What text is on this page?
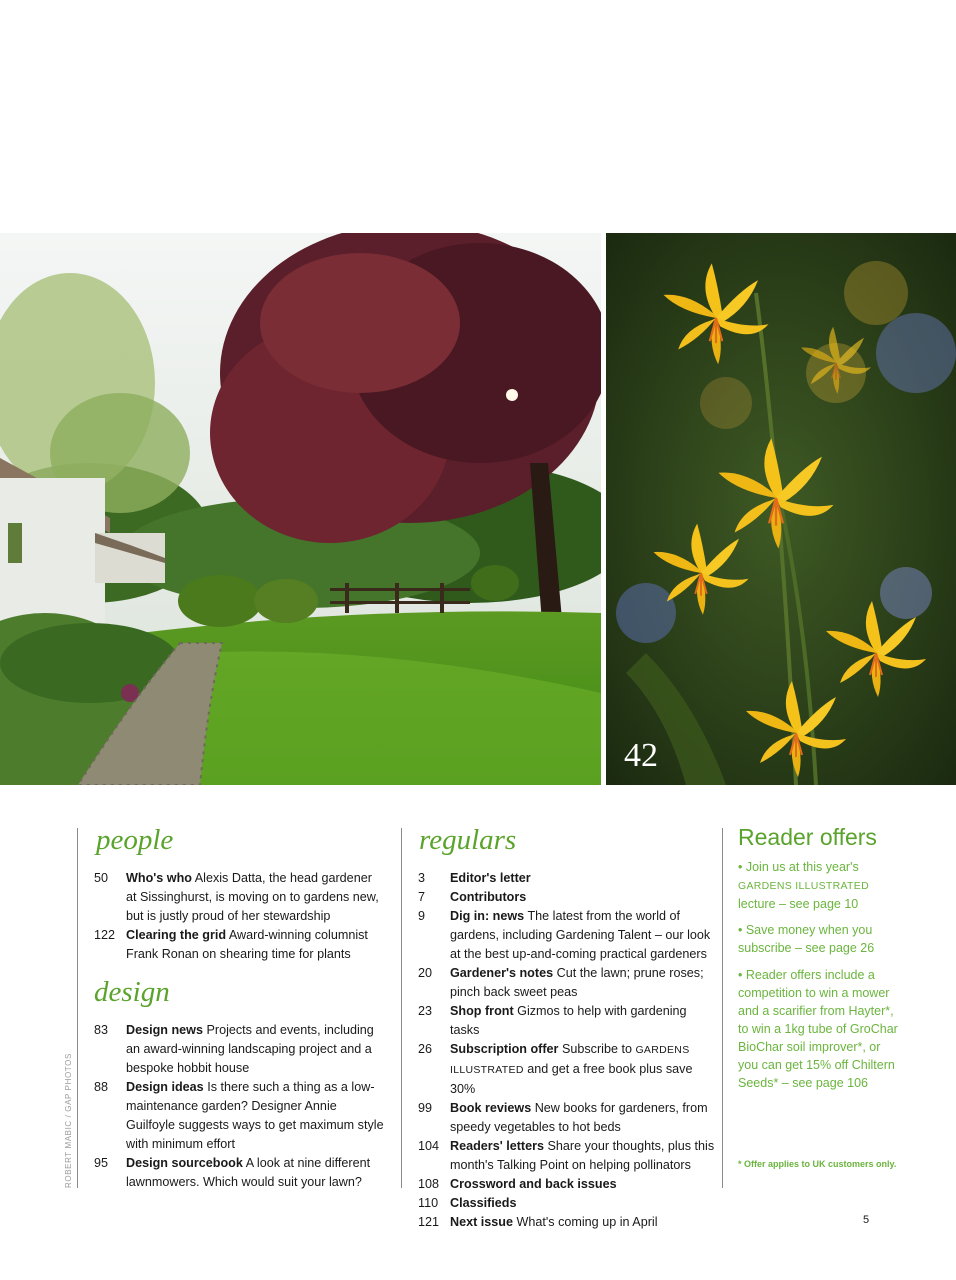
42
ROBERT MABIC / GAP PHOTOS
people
50	Who's who Alexis Datta, the head gardener at Sissinghurst, is moving on to gardens new, but is justly proud of her stewardship
122 Clearing the grid Award-winning columnist Frank Ronan on shearing time for plants
design
83	Design news Projects and events, including an award-winning landscaping project and a bespoke hobbit house
88	Design ideas Is there such a thing as a low-maintenance garden? Designer Annie Guilfoyle suggests ways to get maximum style with minimum effort
95	Design sourcebook A look at nine different lawnmowers. Which would suit your lawn?
regulars
3	Editor's letter
7	Contributors
9	Dig in: news The latest from the world of gardens, including Gardening Talent – our look at the best up-and-coming practical gardeners
20	Gardener's notes Cut the lawn; prune roses; pinch back sweet peas
23	Shop front Gizmos to help with gardening tasks
26	Subscription offer Subscribe to GARDENS ILLUSTRATED and get a free book plus save 30%
99	Book reviews New books for gardeners, from speedy vegetables to hot beds
104 Readers' letters Share your thoughts, plus this month's Talking Point on helping pollinators
108 Crossword and back issues
110 Classifieds
121 Next issue What's coming up in April
Reader offers
• Join us at this year's GARDENS ILLUSTRATED lecture – see page 10
• Save money when you subscribe – see page 26
• Reader offers include a competition to win a mower and a scarifier from Hayter*, to win a 1kg tube of GroChar BioChar soil improver*, or you can get 15% off Chiltern Seeds* – see page 106
* Offer applies to UK customers only.
5
